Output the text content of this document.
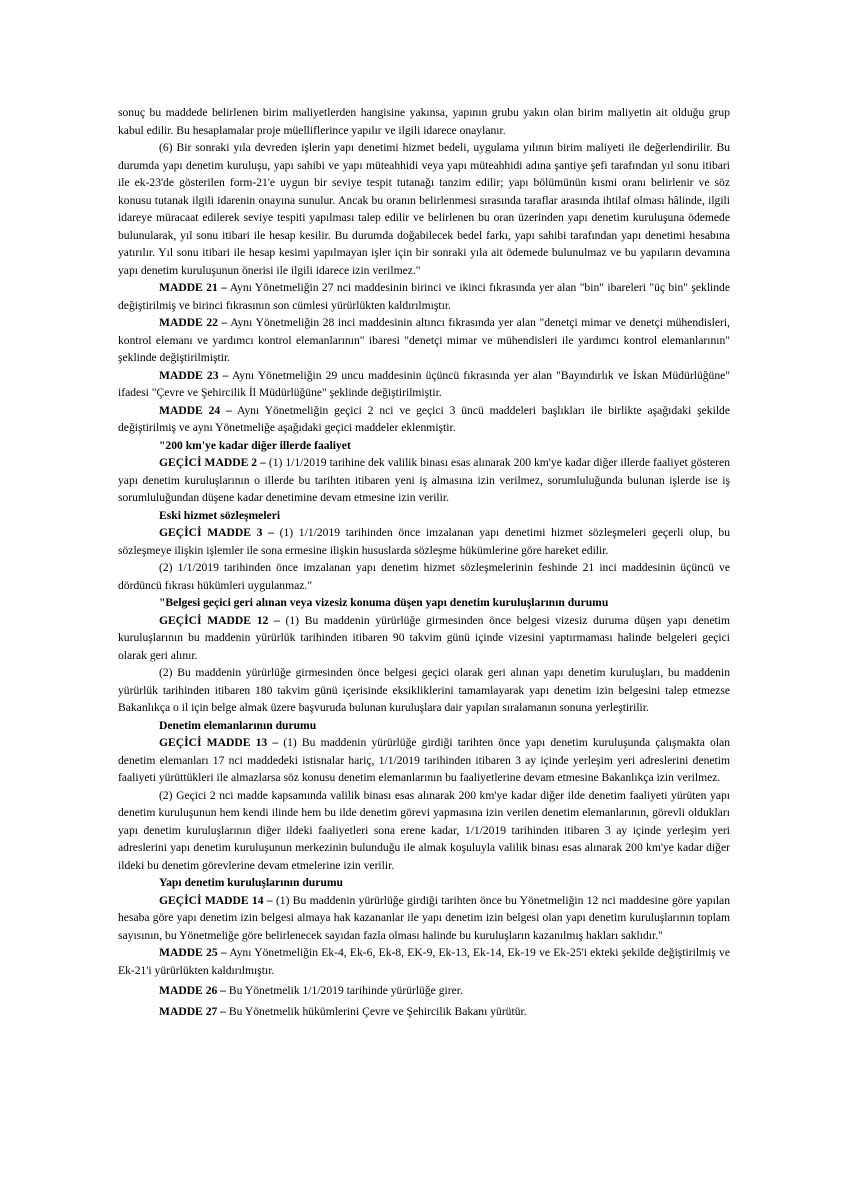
sonuç bu maddede belirlenen birim maliyetlerden hangisine yakınsa, yapının grubu yakın olan birim maliyetin ait olduğu grup kabul edilir. Bu hesaplamalar proje müelliflerince yapılır ve ilgili idarece onaylanır.

(6) Bir sonraki yıla devreden işlerin yapı denetimi hizmet bedeli, uygulama yılının birim maliyeti ile değerlendirilir. Bu durumda yapı denetim kuruluşu, yapı sahibi ve yapı müteahhidi veya yapı müteahhidi adına şantiye şefi tarafından yıl sonu itibari ile ek-23'de gösterilen form-21'e uygun bir seviye tespit tutanağı tanzim edilir; yapı bölümünün kısmi oranı belirlenir ve söz konusu tutanak ilgili idarenin onayına sunulur. Ancak bu oranın belirlenmesi sırasında taraflar arasında ihtilaf olması hâlinde, ilgili idareye müracaat edilerek seviye tespiti yapılması talep edilir ve belirlenen bu oran üzerinden yapı denetim kuruluşuna ödemede bulunularak, yıl sonu itibari ile hesap kesilir. Bu durumda doğabilecek bedel farkı, yapı sahibi tarafından yapı denetimi hesabına yatırılır. Yıl sonu itibari ile hesap kesimi yapılmayan işler için bir sonraki yıla ait ödemede bulunulmaz ve bu yapıların devamına yapı denetim kuruluşunun önerisi ile ilgili idarece izin verilmez."

MADDE 21 – Aynı Yönetmeliğin 27 nci maddesinin birinci ve ikinci fıkrasında yer alan "bin" ibareleri "üç bin" şeklinde değiştirilmiş ve birinci fıkrasının son cümlesi yürürlükten kaldırılmıştır.

MADDE 22 – Aynı Yönetmeliğin 28 inci maddesinin altıncı fıkrasında yer alan "denetçi mimar ve denetçi mühendisleri, kontrol elemanı ve yardımcı kontrol elemanlarının" ibaresi "denetçi mimar ve mühendisleri ile yardımcı kontrol elemanlarının" şeklinde değiştirilmiştir.

MADDE 23 – Aynı Yönetmeliğin 29 uncu maddesinin üçüncü fıkrasında yer alan "Bayındırlık ve İskan Müdürlüğüne" ifadesi "Çevre ve Şehircilik İl Müdürlüğüne" şeklinde değiştirilmiştir.

MADDE 24 – Aynı Yönetmeliğin geçici 2 nci ve geçici 3 üncü maddeleri başlıkları ile birlikte aşağıdaki şekilde değiştirilmiş ve aynı Yönetmeliğe aşağıdaki geçici maddeler eklenmiştir.

"200 km'ye kadar diğer illerde faaliyet

GEÇİCİ MADDE 2 – (1) 1/1/2019 tarihine dek valilik binası esas alınarak 200 km'ye kadar diğer illerde faaliyet gösteren yapı denetim kuruluşlarının o illerde bu tarihten itibaren yeni iş almasına izin verilmez, sorumluluğunda bulunan işlerde ise iş sorumluluğundan düşene kadar denetimine devam etmesine izin verilir.

Eski hizmet sözleşmeleri

GEÇİCİ MADDE 3 – (1) 1/1/2019 tarihinden önce imzalanan yapı denetimi hizmet sözleşmeleri geçerli olup, bu sözleşmeye ilişkin işlemler ile sona ermesine ilişkin hususlarda sözleşme hükümlerine göre hareket edilir.

(2) 1/1/2019 tarihinden önce imzalanan yapı denetim hizmet sözleşmelerinin feshinde 21 inci maddesinin üçüncü ve dördüncü fıkrası hükümleri uygulanmaz."

"Belgesi geçici geri alınan veya vizesiz konuma düşen yapı denetim kuruluşlarının durumu

GEÇİCİ MADDE 12 – (1) Bu maddenin yürürlüğe girmesinden önce belgesi vizesiz duruma düşen yapı denetim kuruluşlarının bu maddenin yürürlük tarihinden itibaren 90 takvim günü içinde vizesini yaptırmaması halinde belgeleri geçici olarak geri alınır.

(2) Bu maddenin yürürlüğe girmesinden önce belgesi geçici olarak geri alınan yapı denetim kuruluşları, bu maddenin yürürlük tarihinden itibaren 180 takvim günü içerisinde eksikliklerini tamamlayarak yapı denetim izin belgesini talep etmezse Bakanlıkça o il için belge almak üzere başvuruda bulunan kuruluşlara dair yapılan sıralamanın sonuna yerleştirilir.

Denetim elemanlarının durumu

GEÇİCİ MADDE 13 – (1) Bu maddenin yürürlüğe girdiği tarihten önce yapı denetim kuruluşunda çalışmakta olan denetim elemanları 17 nci maddedeki istisnalar hariç, 1/1/2019 tarihinden itibaren 3 ay içinde yerleşim yeri adreslerini denetim faaliyeti yürüttükleri ile almazlarsa söz konusu denetim elemanlarının bu faaliyetlerine devam etmesine Bakanlıkça izin verilmez.

(2) Geçici 2 nci madde kapsamında valilik binası esas alınarak 200 km'ye kadar diğer ilde denetim faaliyeti yürüten yapı denetim kuruluşunun hem kendi ilinde hem bu ilde denetim görevi yapmasına izin verilen denetim elemanlarının, görevli oldukları yapı denetim kuruluşlarının diğer ildeki faaliyetleri sona erene kadar, 1/1/2019 tarihinden itibaren 3 ay içinde yerleşim yeri adreslerini yapı denetim kuruluşunun merkezinin bulunduğu ile almak koşuluyla valilik binası esas alınarak 200 km'ye kadar diğer ildeki bu denetim görevlerine devam etmelerine izin verilir.

Yapı denetim kuruluşlarının durumu

GEÇİCİ MADDE 14 – (1) Bu maddenin yürürlüğe girdiği tarihten önce bu Yönetmeliğin 12 nci maddesine göre yapılan hesaba göre yapı denetim izin belgesi almaya hak kazananlar ile yapı denetim izin belgesi olan yapı denetim kuruluşlarının toplam sayısının, bu Yönetmeliğe göre belirlenecek sayıdan fazla olması halinde bu kuruluşların kazanılmış hakları saklıdır."

MADDE 25 – Aynı Yönetmeliğin Ek-4, Ek-6, Ek-8, EK-9, Ek-13, Ek-14, Ek-19 ve Ek-25'i ekteki şekilde değiştirilmiş ve Ek-21'i yürürlükten kaldırılmıştır.

MADDE 26 – Bu Yönetmelik 1/1/2019 tarihinde yürürlüğe girer.

MADDE 27 – Bu Yönetmelik hükümlerini Çevre ve Şehircilik Bakanı yürütür.
